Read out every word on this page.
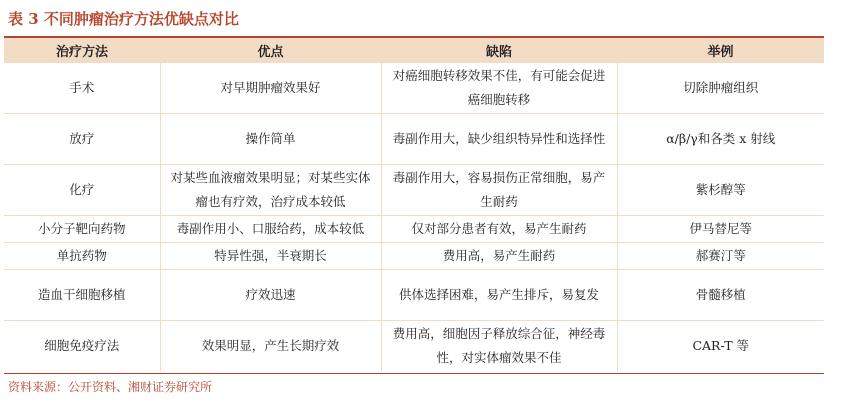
表 3 不同肿瘤治疗方法优缺点对比
治疗方法	优点	缺陷	举例
手术	对早期肿瘤效果好	对癌细胞转移效果不佳，有可能会促进癌细胞转移	切除肿瘤组织
放疗	操作简单	毒副作用大，缺少组织特异性和选择性	α/β/γ和各类 x 射线
化疗	对某些血液瘤效果明显；对某些实体瘤也有疗效，治疗成本较低	毒副作用大，容易损伤正常细胞，易产生耐药	紫杉醇等
小分子靶向药物	毒副作用小、口服给药，成本较低	仅对部分患者有效，易产生耐药	伊马替尼等
单抗药物	特异性强，半衰期长	费用高，易产生耐药	郝赛汀等
造血干细胞移植	疗效迅速	供体选择困难，易产生排斥，易复发	骨髓移植
细胞免疫疗法	效果明显，产生长期疗效	费用高，细胞因子释放综合征，神经毒性，对实体瘤效果不佳	CAR-T 等
资料来源：公开资料、湘财证券研究所
